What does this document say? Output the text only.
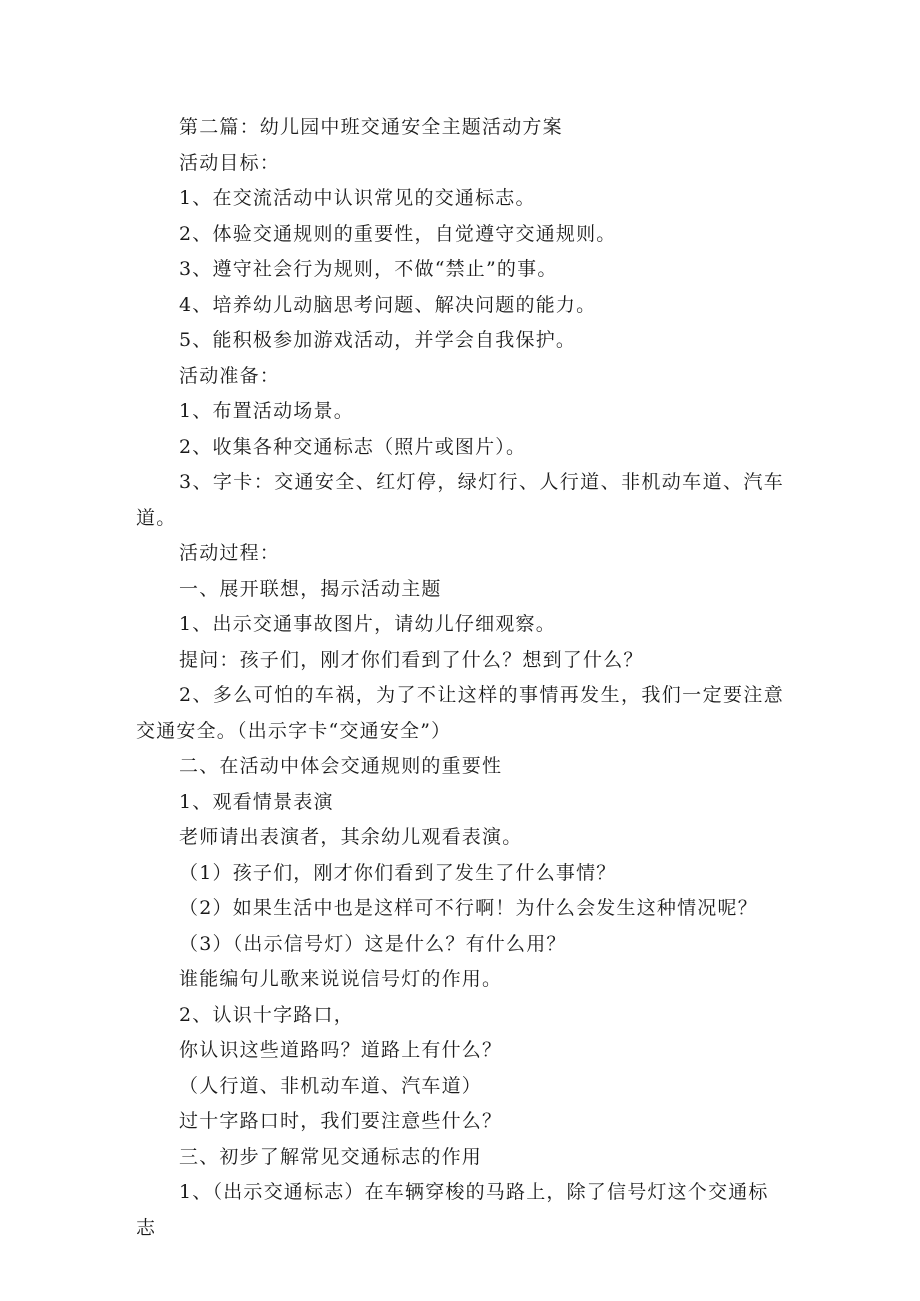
第二篇：幼儿园中班交通安全主题活动方案

活动目标：

1、在交流活动中认识常见的交通标志。

2、体验交通规则的重要性，自觉遵守交通规则。

3、遵守社会行为规则，不做“禁止”的事。

4、培养幼儿动脑思考问题、解决问题的能力。

5、能积极参加游戏活动，并学会自我保护。

活动准备：

1、布置活动场景。

2、收集各种交通标志（照片或图片）。

3、字卡：交通安全、红灯停，绿灯行、人行道、非机动车道、汽车道。

活动过程：

一、展开联想，揭示活动主题

1、出示交通事故图片，请幼儿仔细观察。

提问：孩子们，刚才你们看到了什么？想到了什么？

2、多么可怕的车祸，为了不让这样的事情再发生，我们一定要注意交通安全。（出示字卡“交通安全”）

二、在活动中体会交通规则的重要性

1、观看情景表演

老师请出表演者，其余幼儿观看表演。

（1）孩子们，刚才你们看到了发生了什么事情？

（2）如果生活中也是这样可不行啊！为什么会发生这种情况呢？

（3）（出示信号灯）这是什么？有什么用？

谁能编句儿歌来说说信号灯的作用。

2、认识十字路口，

你认识这些道路吗？道路上有什么？

（人行道、非机动车道、汽车道）

过十字路口时，我们要注意些什么？

三、初步了解常见交通标志的作用

1、（出示交通标志）在车辆穿梭的马路上，除了信号灯这个交通标志
